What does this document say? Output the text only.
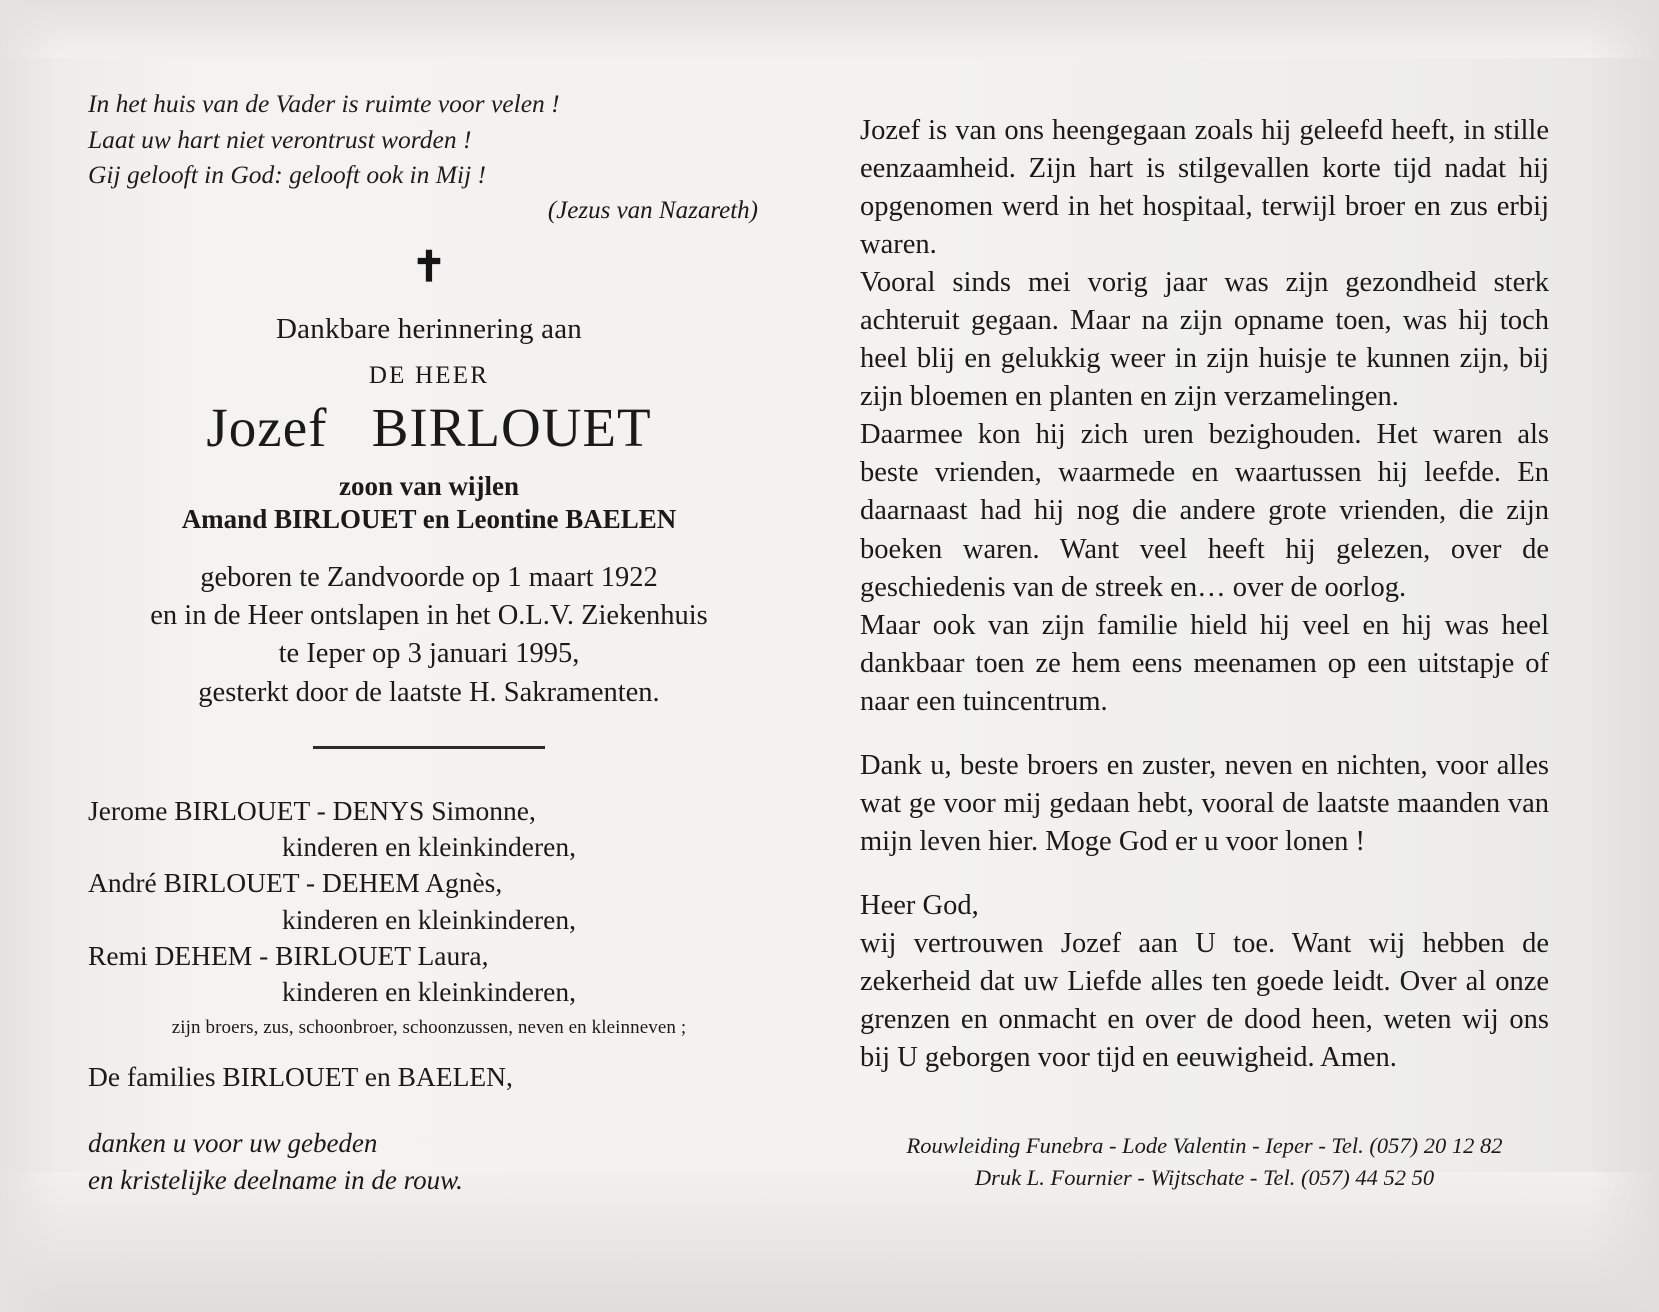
In het huis van de Vader is ruimte voor velen !
Laat uw hart niet verontrust worden !
Gij gelooft in God: gelooft ook in Mij !
(Jezus van Nazareth)
✝
Dankbare herinnering aan
DE HEER
Jozef BIRLOUET
zoon van wijlen
Amand BIRLOUET en Leontine BAELEN
geboren te Zandvoorde op 1 maart 1922
en in de Heer ontslapen in het O.L.V. Ziekenhuis
te Ieper op 3 januari 1995,
gesterkt door de laatste H. Sakramenten.
Jerome BIRLOUET - DENYS Simonne,
kinderen en kleinkinderen,
André BIRLOUET - DEHEM Agnès,
kinderen en kleinkinderen,
Remi DEHEM - BIRLOUET Laura,
kinderen en kleinkinderen,
zijn broers, zus, schoonbroer, schoonzussen, neven en kleinneven ;
De families BIRLOUET en BAELEN,
danken u voor uw gebeden
en kristelijke deelname in de rouw.

Jozef is van ons heengegaan zoals hij geleefd heeft, in stille eenzaamheid. Zijn hart is stilgevallen korte tijd nadat hij opgenomen werd in het hospitaal, terwijl broer en zus erbij waren.

Vooral sinds mei vorig jaar was zijn gezondheid sterk achteruit gegaan. Maar na zijn opname toen, was hij toch heel blij en gelukkig weer in zijn huisje te kunnen zijn, bij zijn bloemen en planten en zijn verzamelingen.

Daarmee kon hij zich uren bezighouden. Het waren als beste vrienden, waarmede en waartussen hij leefde. En daarnaast had hij nog die andere grote vrienden, die zijn boeken waren. Want veel heeft hij gelezen, over de geschiedenis van de streek en… over de oorlog.

Maar ook van zijn familie hield hij veel en hij was heel dankbaar toen ze hem eens meenamen op een uitstapje of naar een tuincentrum.

Dank u, beste broers en zuster, neven en nichten, voor alles wat ge voor mij gedaan hebt, vooral de laatste maanden van mijn leven hier. Moge God er u voor lonen !

Heer God,

wij vertrouwen Jozef aan U toe. Want wij hebben de zekerheid dat uw Liefde alles ten goede leidt. Over al onze grenzen en onmacht en over de dood heen, weten wij ons bij U geborgen voor tijd en eeuwigheid. Amen.

Rouwleiding Funebra - Lode Valentin - Ieper - Tel. (057) 20 12 82
Druk L. Fournier - Wijtschate - Tel. (057) 44 52 50
